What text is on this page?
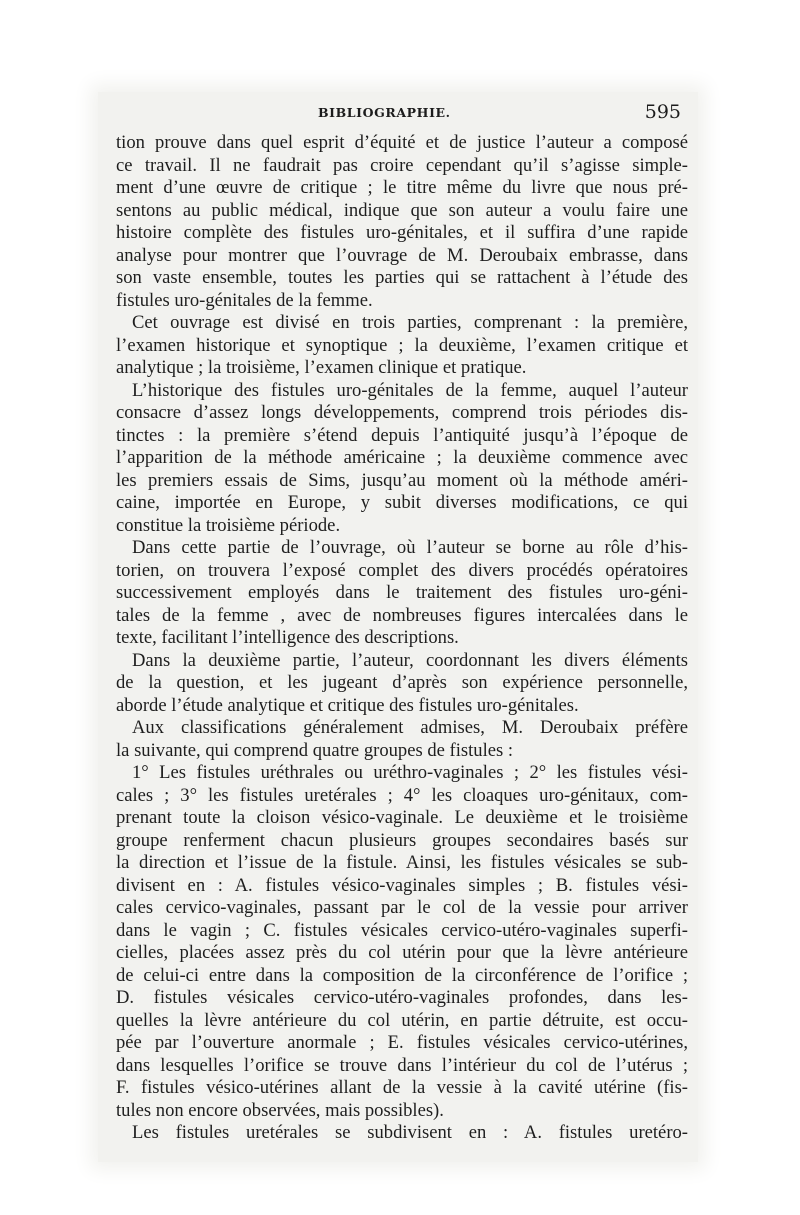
BIBLIOGRAPHIE.	595
tion prouve dans quel esprit d’équité et de justice l’auteur a composé
ce travail. Il ne faudrait pas croire cependant qu’il s’agisse simple-
ment d’une œuvre de critique ; le titre même du livre que nous pré-
sentons au public médical, indique que son auteur a voulu faire une
histoire complète des fistules uro-génitales, et il suffira d’une rapide
analyse pour montrer que l’ouvrage de M. Deroubaix embrasse, dans
son vaste ensemble, toutes les parties qui se rattachent à l’étude des
fistules uro-génitales de la femme.
Cet ouvrage est divisé en trois parties, comprenant : la première,
l’examen historique et synoptique ; la deuxième, l’examen critique et
analytique ; la troisième, l’examen clinique et pratique.
L’historique des fistules uro-génitales de la femme, auquel l’auteur
consacre d’assez longs développements, comprend trois périodes dis-
tinctes : la première s’étend depuis l’antiquité jusqu’à l’époque de
l’apparition de la méthode américaine ; la deuxième commence avec
les premiers essais de Sims, jusqu’au moment où la méthode améri-
caine, importée en Europe, y subit diverses modifications, ce qui
constitue la troisième période.
Dans cette partie de l’ouvrage, où l’auteur se borne au rôle d’his-
torien, on trouvera l’exposé complet des divers procédés opératoires
successivement employés dans le traitement des fistules uro-géni-
tales de la femme , avec de nombreuses figures intercalées dans le
texte, facilitant l’intelligence des descriptions.
Dans la deuxième partie, l’auteur, coordonnant les divers éléments
de la question, et les jugeant d’après son expérience personnelle,
aborde l’étude analytique et critique des fistules uro-génitales.
Aux classifications généralement admises, M. Deroubaix préfère
la suivante, qui comprend quatre groupes de fistules :
1° Les fistules uréthrales ou uréthro-vaginales ; 2° les fistules vési-
cales ; 3° les fistules uretérales ; 4° les cloaques uro-génitaux, com-
prenant toute la cloison vésico-vaginale. Le deuxième et le troisième
groupe renferment chacun plusieurs groupes secondaires basés sur
la direction et l’issue de la fistule. Ainsi, les fistules vésicales se sub-
divisent en : A. fistules vésico-vaginales simples ; B. fistules vési-
cales cervico-vaginales, passant par le col de la vessie pour arriver
dans le vagin ; C. fistules vésicales cervico-utéro-vaginales superfi-
cielles, placées assez près du col utérin pour que la lèvre antérieure
de celui-ci entre dans la composition de la circonférence de l’orifice ;
D. fistules vésicales cervico-utéro-vaginales profondes, dans les-
quelles la lèvre antérieure du col utérin, en partie détruite, est occu-
pée par l’ouverture anormale ; E. fistules vésicales cervico-utérines,
dans lesquelles l’orifice se trouve dans l’intérieur du col de l’utérus ;
F. fistules vésico-utérines allant de la vessie à la cavité utérine (fis-
tules non encore observées, mais possibles).
Les fistules uretérales se subdivisent en : A. fistules uretéro-
